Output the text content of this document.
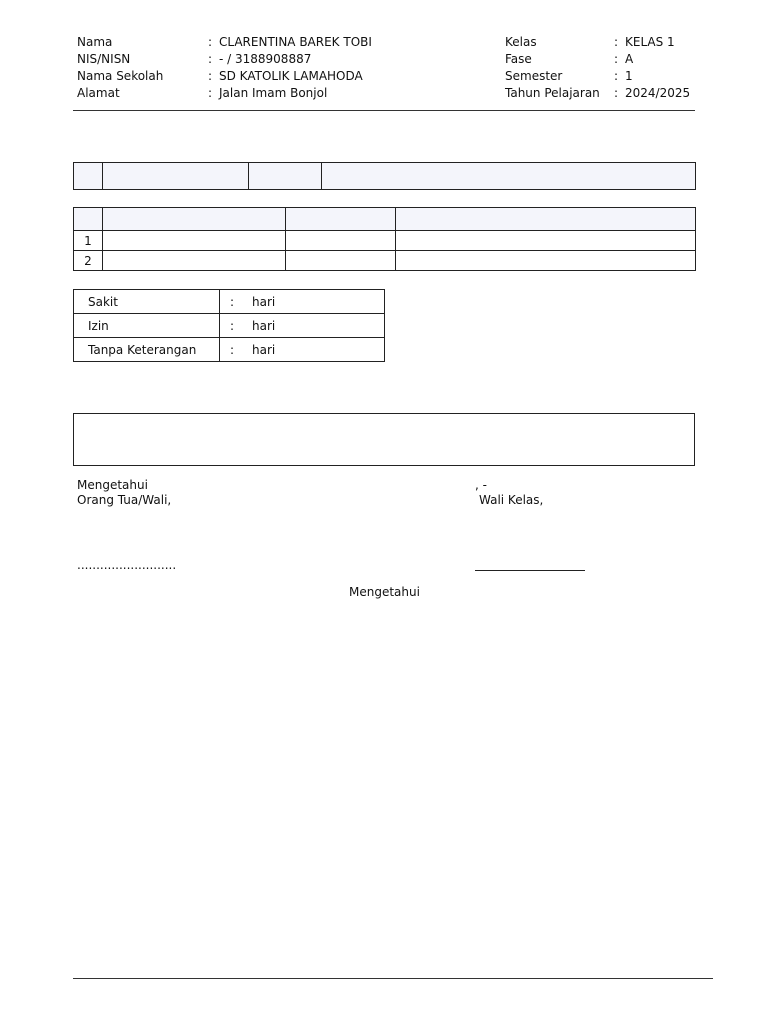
Nama	: CLARENTINA BAREK TOBI
NIS/NISN	: - / 3188908887
Nama Sekolah	: SD KATOLIK LAMAHODA
Alamat	: Jalan Imam Bonjol
Kelas	: KELAS 1
Fase	: A
Semester	: 1
Tahun Pelajaran : 2024/2025

1			
2			
Sakit	: hari
Izin	: hari
Tanpa Keterangan	: hari
Mengetahui
Orang Tua/Wali,
..........................
, -
Wali Kelas,
Mengetahui
